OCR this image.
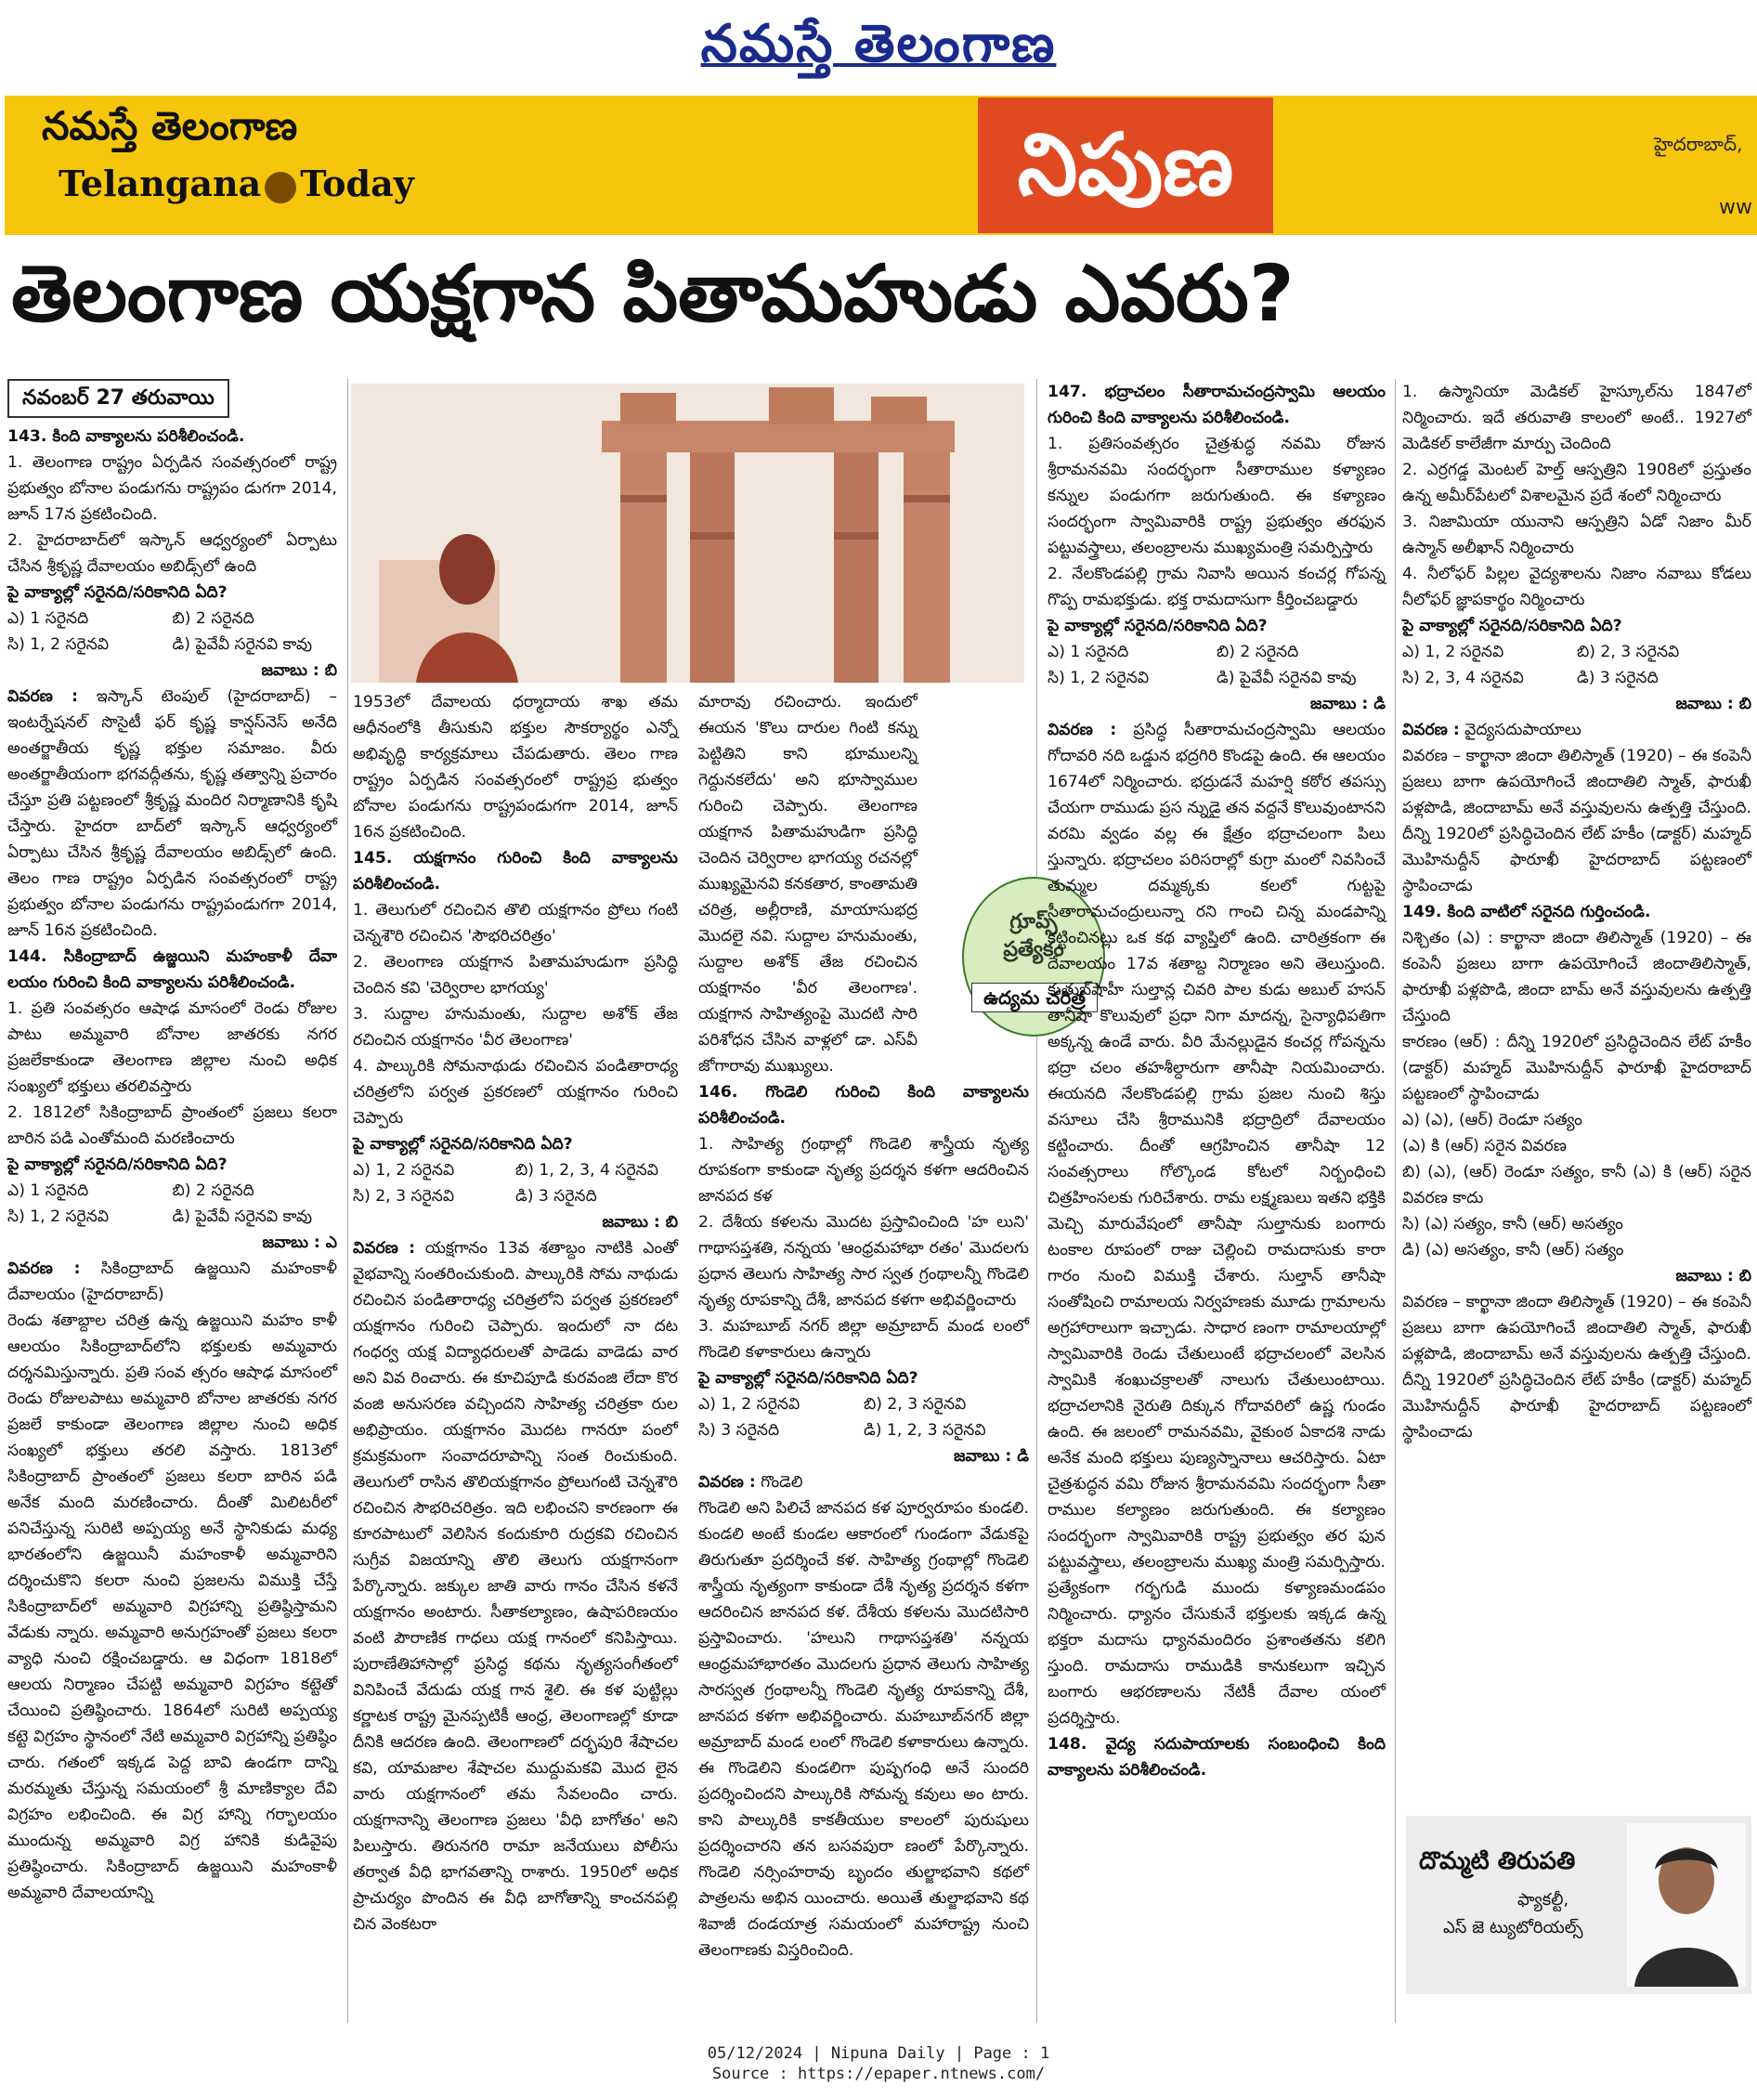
నమస్తే తెలంగాణ
నమస్తే తెలంగాణ
Telangana Today	నిపుణ	హైదరాబాద్,
ww
తెలంగాణ యక్షగాన పితామహుడు ఎవరు?
నవంబర్ 27 తరువాయి

143. కింది వాక్యాలను పరిశీలించండి.

1. తెలంగాణ రాష్ట్రం ఏర్పడిన సంవత్సరంలో రాష్ట్ర ప్రభుత్వం బోనాల పండుగను రాష్ట్రపం డుగగా 2014, జూన్ 17న ప్రకటించింది.

2. హైదరాబాద్‌లో ఇస్కాన్ ఆధ్వర్యంలో ఏర్పాటు చేసిన శ్రీకృష్ణ దేవాలయం అబిడ్స్‌లో ఉంది

పై వాక్యాల్లో సరైనది/సరికానిది ఏది?

ఎ) 1 సరైనది	బి) 2 సరైనది
సి) 1, 2 సరైనవి	డి) పైవేవీ సరైనవి కావు

జవాబు : బి

వివరణ : ఇస్కాన్ టెంపుల్ (హైదరాబాద్) – ఇంటర్నేషనల్ సొసైటీ ఫర్ కృష్ణ కాన్షస్‌నెస్ అనేది అంతర్జాతీయ కృష్ణ భక్తుల సమాజం. వీరు అంతర్జాతీయంగా భగవద్గీతను, కృష్ణ తత్వాన్ని ప్రచారం చేస్తూ ప్రతి పట్టణంలో శ్రీకృష్ణ మందిర నిర్మాణానికి కృషి చేస్తారు. హైదరా బాద్‌లో ఇస్కాన్ ఆధ్వర్యంలో ఏర్పాటు చేసిన శ్రీకృష్ణ దేవాలయం అబిడ్స్‌లో ఉంది. తెలం గాణ రాష్ట్రం ఏర్పడిన సంవత్సరంలో రాష్ట్ర ప్రభుత్వం బోనాల పండుగను రాష్ట్రపండుగగా 2014, జూన్ 16న ప్రకటించింది.

144. సికింద్రాబాద్ ఉజ్జయిని మహంకాళీ దేవా లయం గురించి కింది వాక్యాలను పరిశీలించండి.

1. ప్రతి సంవత్సరం ఆషాఢ మాసంలో రెండు రోజుల పాటు అమ్మవారి బోనాల జాతరకు నగర ప్రజలేకాకుండా తెలంగాణ జిల్లాల నుంచి అధిక సంఖ్యలో భక్తులు తరలివస్తారు

2. 1812లో సికింద్రాబాద్ ప్రాంతంలో ప్రజలు కలరా బారిన పడి ఎంతోమంది మరణించారు

పై వాక్యాల్లో సరైనది/సరికానిది ఏది?

ఎ) 1 సరైనది	బి) 2 సరైనది
సి) 1, 2 సరైనవి	డి) పైవేవీ సరైనవి కావు

జవాబు : ఎ

వివరణ : సికింద్రాబాద్ ఉజ్జయిని మహంకాళీ దేవాలయం (హైదరాబాద్)

రెండు శతాబ్దాల చరిత్ర ఉన్న ఉజ్జయిని మహం కాళీ ఆలయం సికింద్రాబాద్‌లోని భక్తులకు అమ్మవారు దర్శనమిస్తున్నారు. ప్రతి సంవ త్సరం ఆషాఢ మాసంలో రెండు రోజులపాటు అమ్మవారి బోనాల జాతరకు నగర ప్రజలే కాకుండా తెలంగాణ జిల్లాల నుంచి అధిక సంఖ్యలో భక్తులు తరలి వస్తారు. 1813లో సికింద్రాబాద్ ప్రాంతంలో ప్రజలు కలరా బారిన పడి అనేక మంది మరణించారు. దీంతో మిలిటరీలో పనిచేస్తున్న సురిటి అప్పయ్య అనే స్థానికుడు మధ్య భారతంలోని ఉజ్జయినీ మహంకాళీ అమ్మవారిని దర్శించుకొని కలరా నుంచి ప్రజలను విముక్తి చేస్తే సికింద్రాబాద్‌లో అమ్మవారి విగ్రహాన్ని ప్రతిష్ఠిస్తామని వేడుకు న్నారు. అమ్మవారి అనుగ్రహంతో ప్రజలు కలరా వ్యాధి నుంచి రక్షించబడ్డారు. ఆ విధంగా 1818లో ఆలయ నిర్మాణం చేపట్టి అమ్మవారి విగ్రహం కట్టెతో చేయించి ప్రతిష్ఠించారు. 1864లో సురిటి అప్పయ్య కట్టె విగ్రహం స్థానంలో నేటి అమ్మవారి విగ్రహాన్ని ప్రతిష్ఠిం చారు. గతంలో ఇక్కడ పెద్ద బావి ఉండగా దాన్ని మరమ్మతు చేస్తున్న సమయంలో శ్రీ మాణిక్యాల దేవి విగ్రహం లభించింది. ఈ విగ్ర హాన్ని గర్భాలయం ముందున్న అమ్మవారి విగ్ర హానికి కుడివైపు ప్రతిష్ఠించారు. సికింద్రాబాద్ ఉజ్జయిని మహంకాళీ అమ్మవారి దేవాలయాన్ని

1953లో దేవాలయ ధర్మాదాయ శాఖ తమ ఆధీనంలోకి తీసుకుని భక్తుల సౌకర్యార్థం ఎన్నో అభివృద్ధి కార్యక్రమాలు చేపడుతారు. తెలం గాణ రాష్ట్రం ఏర్పడిన సంవత్సరంలో రాష్ట్రప్ర భుత్వం బోనాల పండుగను రాష్ట్రపండుగగా 2014, జూన్ 16న ప్రకటించింది.

145. యక్షగానం గురించి కింది వాక్యాలను పరిశీలించండి.

1. తెలుగులో రచించిన తొలి యక్షగానం ప్రోలు గంటి చెన్నశౌరి రచించిన 'సౌభరిచరిత్రం'

2. తెలంగాణ యక్షగాన పితామహుడుగా ప్రసిద్ధి చెందిన కవి 'చెర్విరాల భాగయ్య'

3. సుద్దాల హనుమంతు, సుద్దాల అశోక్ తేజ రచించిన యక్షగానం 'వీర తెలంగాణ'

4. పాల్కురికి సోమనాథుడు రచించిన పండితారాధ్య చరిత్రలోని పర్వత ప్రకరణలో యక్షగానం గురించి చెప్పారు

పై వాక్యాల్లో సరైనది/సరికానిది ఏది?

ఎ) 1, 2 సరైనవి	బి) 1, 2, 3, 4 సరైనవి
సి) 2, 3 సరైనవి	డి) 3 సరైనది

జవాబు : బి

వివరణ : యక్షగానం 13వ శతాబ్దం నాటికి ఎంతో వైభవాన్ని సంతరించుకుంది. పాల్కురికి సోమ నాథుడు రచించిన పండితారాధ్య చరిత్రలోని పర్వత ప్రకరణలో యక్షగానం గురించి చెప్పారు. ఇందులో నా దట గంధర్వ యక్ష విద్యాధరులతో పాడెడు వాడెడు వార అని వివ రించారు. ఈ కూచిపూడి కురవంజి లేదా కొర వంజి అనుసరణ వచ్చిందని సాహిత్య చరిత్రకా రుల అభిప్రాయం. యక్షగానం మొదట గానరూ పంలో క్రమక్రమంగా సంవాదరూపాన్ని సంత రించుకుంది. తెలుగులో రాసిన తొలియక్షగానం ప్రోలుగంటి చెన్నశౌరి రచించిన సౌభరిచరిత్రం. ఇది లభించని కారణంగా ఈ కూరపాటులో వెలిసిన కందుకూరి రుద్రకవి రచించిన సుగ్రీవ విజయాన్ని తొలి తెలుగు యక్షగానంగా పేర్కొన్నారు. జక్కుల జాతి వారు గానం చేసిన కళనే యక్షగానం అంటారు. సీతాకల్యాణం, ఉషాపరిణయం వంటి పౌరాణిక గాధలు యక్ష గానంలో కనిపిస్తాయి. పురాణేతిహాసాల్లో ప్రసిద్ధ కథను నృత్యసంగీతంలో వినిపించే వేదుడు యక్ష గాన శైలి. ఈ కళ పుట్టిల్లు కర్ణాటక రాష్ట్ర మైనప్పటికీ ఆంధ్ర, తెలంగాణల్లో కూడా దీనికి ఆదరణ ఉంది. తెలంగాణలో దర్భపురి శేషాచల కవి, యామజాల శేషాచల ముద్దుమకవి మొద లైన వారు యక్షగానంలో తమ సేవలందిం చారు. యక్షగానాన్ని తెలంగాణ ప్రజలు 'వీధి బాగోతం' అని పిలుస్తారు. తిరునగరి రామా జనేయులు పోలీసు తర్వాత వీధి భాగవతాన్ని రాశారు. 1950లో అధిక ప్రాచుర్యం పొందిన ఈ వీధి బాగోతాన్ని కాంచనపల్లి చిన వెంకటరా

మారావు రచించారు. ఇందులో ఈయన 'కొలు దారుల గింటి కన్ను పెట్టితిని కాని భూములన్ని గెద్దునకలేదు' అని భూస్వాముల గురించి చెప్పారు. తెలంగాణ యక్షగాన పితామహుడిగా ప్రసిద్ధి చెందిన చెర్విరాల భాగయ్య రచనల్లో ముఖ్యమైనవి కనకతార, కాంతామతి చరిత్ర, అల్లీరాణి, మాయాసుభద్ర మొదలై నవి. సుద్దాల హనుమంతు, సుద్దాల అశోక్ తేజ రచించిన యక్షగానం 'వీర తెలంగాణ'. యక్షగాన సాహిత్యంపై మొదటి సారి పరిశోధన చేసిన వాళ్లలో డా. ఎస్‌వీ జోగారావు ముఖ్యులు.

146. గొండెలి గురించి కింది వాక్యాలను పరిశీలించండి.

1. సాహిత్య గ్రంథాల్లో గొండెలి శాస్త్రీయ నృత్య రూపకంగా కాకుండా నృత్య ప్రదర్శన కళగా ఆదరించిన జానపద కళ

2. దేశీయ కళలను మొదట ప్రస్తావించింది 'హ లుని' గాథాసప్తశతి, నన్నయ 'ఆంధ్రమహాభా రతం' మొదలగు ప్రధాన తెలుగు సాహిత్య సార స్వత గ్రంథాలన్నీ గొండెలి నృత్య రూపకాన్ని దేశీ, జానపద కళగా అభివర్ణించారు

3. మహబూబ్ నగర్ జిల్లా అమ్రాబాద్ మండ లంలో గొండెలి కళాకారులు ఉన్నారు

పై వాక్యాల్లో సరైనది/సరికానిది ఏది?

ఎ) 1, 2 సరైనవి	బి) 2, 3 సరైనవి
సి) 3 సరైనది	డి) 1, 2, 3 సరైనవి

జవాబు : డి

వివరణ : గొండెలి

గొండెలి అని పిలిచే జానపద కళ పూర్వరూపం కుండలి. కుండలి అంటే కుండల ఆకారంలో గుండంగా వేడుకపై తిరుగుతూ ప్రదర్శించే కళ. సాహిత్య గ్రంథాల్లో గొండెలి శాస్త్రీయ నృత్యంగా కాకుండా దేశీ నృత్య ప్రదర్శన కళగా ఆదరించిన జానపద కళ. దేశీయ కళలను మొదటిసారి ప్రస్తావించారు. 'హలుని గాథాసప్తశతి' నన్నయ ఆంధ్రమహాభారతం మొదలగు ప్రధాన తెలుగు సాహిత్య సారస్వత గ్రంథాలన్నీ గొండెలి నృత్య రూపకాన్ని దేశీ, జానపద కళగా అభివర్ణించారు. మహబూబ్‌నగర్ జిల్లా అమ్రాబాద్ మండ లంలో గొండెలి కళాకారులు ఉన్నారు. ఈ గొండెలిని కుండలిగా పుష్పగంధి అనే సుందరి ప్రదర్శించిందని పాల్కురికి సోమన్న కవులు అం టారు. కాని పాల్కురికి కాకతీయుల కాలంలో పురుషులు ప్రదర్శించారని తన బసవపురా ణంలో పేర్కొన్నారు. గొండెలి నర్సింహరావు బృందం తుల్జాభవాని కథలో పాత్రలను అభిన యించారు. అయితే తుల్జాభవాని కథ శివాజీ దండయాత్ర సమయంలో మహారాష్ట్ర నుంచి తెలంగాణకు విస్తరించింది.

గ్రూప్స్
ప్రత్యేకం
ఉద్యమ చరిత్ర

147. భద్రాచలం సీతారామచంద్రస్వామి ఆలయం గురించి కింది వాక్యాలను పరిశీలించండి.

1. ప్రతిసంవత్సరం చైత్రశుద్ధ నవమి రోజున శ్రీరామనవమి సందర్భంగా సీతారాముల కళ్యాణం కన్నుల పండుగగా జరుగుతుంది. ఈ కళ్యాణం సందర్భంగా స్వామివారికి రాష్ట్ర ప్రభుత్వం తరఫున పట్టువస్త్రాలు, తలంబ్రాలను ముఖ్యమంత్రి సమర్పిస్తారు

2. నేలకొండపల్లి గ్రామ నివాసి అయిన కంచర్ల గోపన్న గొప్ప రామభక్తుడు. భక్త రామదాసుగా కీర్తించబడ్డారు

పై వాక్యాల్లో సరైనది/సరికానిది ఏది?

ఎ) 1 సరైనది	బి) 2 సరైనది
సి) 1, 2 సరైనవి	డి) పైవేవీ సరైనవి కావు

జవాబు : డి

వివరణ : ప్రసిద్ధ సీతారామచంద్రస్వామి ఆలయం గోదావరి నది ఒడ్డున భద్రగిరి కొండపై ఉంది. ఈ ఆలయం 1674లో నిర్మించారు. భద్రుడనే మహర్షి కఠోర తపస్సు చేయగా రాముడు ప్రస న్నుడై తన వద్దనే కొలువుంటానని వరమి వ్వడం వల్ల ఈ క్షేత్రం భద్రాచలంగా పిలు స్తున్నారు. భద్రాచలం పరిసరాల్లో కుగ్రా మంలో నివసించే తుమ్మల దమ్మక్కకు కలలో గుట్టపై సీతారామచంద్రులున్నా రని గాంచి చిన్న మండపాన్ని కట్టించినట్లు ఒక కథ వ్యాప్తిలో ఉంది. చారిత్రకంగా ఈ దేవాలయం 17వ శతాబ్ద నిర్మాణం అని తెలుస్తుంది. కుతుబ్‌షాహీ సుల్తాన్ల చివరి పాల కుడు అబుల్ హసన్ తానీషా కొలువులో ప్రధా నిగా మాదన్న, సైన్యాధిపతిగా అక్కన్న ఉండే వారు. వీరి మేనల్లుడైన కంచర్ల గోపన్నను భద్రా చలం తహశీల్దారుగా తానీషా నియమించారు. ఈయనది నేలకొండపల్లి గ్రామ ప్రజల నుంచి శిస్తు వసూలు చేసి శ్రీరామునికి భద్రాద్రిలో దేవాలయం కట్టించారు. దీంతో ఆగ్రహించిన తానీషా 12 సంవత్సరాలు గోల్కొండ కోటలో నిర్బంధించి చిత్రహింసలకు గురిచేశారు. రామ లక్ష్మణులు ఇతని భక్తికి మెచ్చి మారువేషంలో తానీషా సుల్తానుకు బంగారు టంకాల రూపంలో రాజు చెల్లించి రామదాసుకు కారా గారం నుంచి విముక్తి చేశారు. సుల్తాన్ తానీషా సంతోషించి రామాలయ నిర్వహణకు మూడు గ్రామాలను అగ్రహారాలుగా ఇచ్చాడు. సాధార ణంగా రామాలయాల్లో స్వామివారికి రెండు చేతులుంటే భద్రాచలంలో వెలసిన స్వామికి శంఖుచక్రాలతో నాలుగు చేతులుంటాయి. భద్రాచలానికి నైరుతి దిక్కున గోదావరిలో ఉష్ణ గుండం ఉంది. ఈ జలంలో రామనవమి, వైకుంఠ ఏకాదశి నాడు అనేక మంది భక్తులు పుణ్యస్నానాలు ఆచరిస్తారు. ఏటా చైత్రశుద్ధన వమి రోజున శ్రీరామనవమి సందర్భంగా సీతా రాముల కల్యాణం జరుగుతుంది. ఈ కల్యాణం సందర్భంగా స్వామివారికి రాష్ట్ర ప్రభుత్వం తర ఫున పట్టువస్త్రాలు, తలంబ్రాలను ముఖ్య మంత్రి సమర్పిస్తారు. ప్రత్యేకంగా గర్భగుడి ముందు కళ్యాణమండపం నిర్మించారు. ధ్యానం చేసుకునే భక్తులకు ఇక్కడ ఉన్న భక్తరా మదాసు ధ్యానమందిరం ప్రశాంతతను కలిగి స్తుంది. రామదాసు రాముడికి కానుకలుగా ఇచ్చిన బంగారు ఆభరణాలను నేటికీ దేవాల యంలో ప్రదర్శిస్తారు.

148. వైద్య సదుపాయాలకు సంబంధించి కింది వాక్యాలను పరిశీలించండి.

1. ఉస్మానియా మెడికల్ హైస్కూల్‌ను 1847లో నిర్మించారు. ఇదే తరువాతి కాలంలో అంటే.. 1927లో మెడికల్ కాలేజీగా మార్పు చెందింది

2. ఎర్రగడ్డ మెంటల్ హెల్త్ ఆస్పత్రిని 1908లో ప్రస్తుతం ఉన్న అమీర్‌పేటలో విశాలమైన ప్రదే శంలో నిర్మించారు

3. నిజామియా యునాని ఆస్పత్రిని ఏడో నిజాం మీర్ ఉస్మాన్ అలీఖాన్ నిర్మించారు

4. నీలోఫర్ పిల్లల వైద్యశాలను నిజాం నవాబు కోడలు నీలోఫర్ జ్ఞాపకార్థం నిర్మించారు

పై వాక్యాల్లో సరైనది/సరికానిది ఏది?

ఎ) 1, 2 సరైనవి	బి) 2, 3 సరైనవి
సి) 2, 3, 4 సరైనవి	డి) 3 సరైనది

జవాబు : బి

వివరణ : వైద్యసదుపాయాలు

వివరణ – కార్ఖానా జిందా తిలిస్మాత్ (1920) – ఈ కంపెనీ ప్రజలు బాగా ఉపయోగించే జిందాతిలి స్మాత్, ఫారుఖీ పళ్లపొడి, జిందాబామ్ అనే వస్తువులను ఉత్పత్తి చేస్తుంది. దీన్ని 1920లో ప్రసిద్ధిచెందిన లేట్ హకీం (డాక్టర్) మహ్మద్ మొహినుద్దీన్ ఫారూఖీ హైదరాబాద్ పట్టణంలో స్థాపించాడు

149. కింది వాటిలో సరైనది గుర్తించండి.

నిశ్చితం (ఎ) : కార్ఖానా జిందా తిలిస్మాత్ (1920) – ఈ కంపెనీ ప్రజలు బాగా ఉపయోగించే జిందాతిలిస్మాత్, ఫారూఖీ పళ్లపొడి, జిందా బామ్ అనే వస్తువులను ఉత్పత్తి చేస్తుంది

కారణం (ఆర్) : దీన్ని 1920లో ప్రసిద్ధిచెందిన లేట్ హకీం (డాక్టర్) మహ్మద్ మొహినుద్దీన్ ఫారూఖీ హైదరాబాద్ పట్టణంలో స్థాపించాడు

ఎ) (ఎ), (ఆర్) రెండూ సత్యం

(ఎ) కి (ఆర్) సరైన వివరణ

బి) (ఎ), (ఆర్) రెండూ సత్యం, కానీ (ఎ) కి (ఆర్) సరైన వివరణ కాదు

సి) (ఎ) సత్యం, కానీ (ఆర్) అసత్యం

డి) (ఎ) అసత్యం, కానీ (ఆర్) సత్యం

జవాబు : బి

వివరణ – కార్ఖానా జిందా తిలిస్మాత్ (1920) – ఈ కంపెనీ ప్రజలు బాగా ఉపయోగించే జిందాతిలి స్మాత్, ఫారుఖీ పళ్లపొడి, జిందాబామ్ అనే వస్తువులను ఉత్పత్తి చేస్తుంది. దీన్ని 1920లో ప్రసిద్ధిచెందిన లేట్ హకీం (డాక్టర్) మహ్మద్ మొహినుద్దీన్ ఫారూఖీ హైదరాబాద్ పట్టణంలో స్థాపించాడు

దొమ్మటి తిరుపతి
ఫ్యాకల్టీ,
ఎస్ జె ట్యుటోరియల్స్
05/12/2024 | Nipuna Daily | Page : 1
Source : https://epaper.ntnews.com/
